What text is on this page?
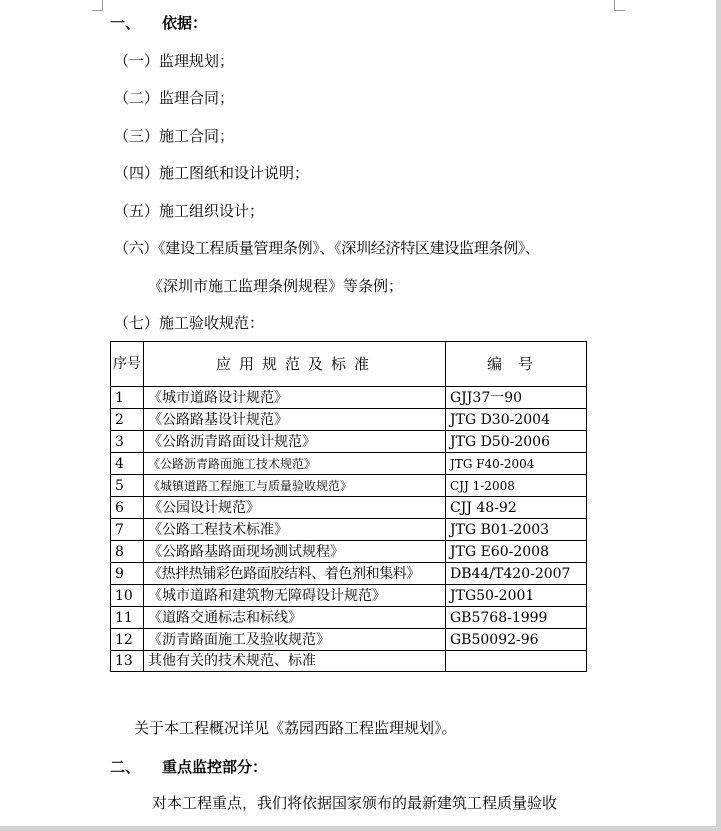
一、 依据：
（一）监理规划；
（二）监理合同；
（三）施工合同；
（四）施工图纸和设计说明；
（五）施工组织设计；
（六）《建设工程质量管理条例》、《深圳经济特区建设监理条例》、
《深圳市施工监理条例规程》等条例；
（七）施工验收规范：
序号	应用规范及标准	编号
1	《城市道路设计规范》	GJJ37一90
2	《公路路基设计规范》	JTG D30-2004
3	《公路沥青路面设计规范》	JTG D50-2006
4	《公路沥青路面施工技术规范》	JTG F40-2004
5	《城镇道路工程施工与质量验收规范》	CJJ 1-2008
6	《公园设计规范》	CJJ 48-92
7	《公路工程技术标准》	JTG B01-2003
8	《公路路基路面现场测试规程》	JTG E60-2008
9	《热拌热铺彩色路面胶结料、着色剂和集料》	DB44/T420-2007
10	《城市道路和建筑物无障碍设计规范》	JTG50-2001
11	《道路交通标志和标线》	GB5768-1999
12	《沥青路面施工及验收规范》	GB50092-96
13	其他有关的技术规范、标准	
关于本工程概况详见《荔园西路工程监理规划》。
二、 重点监控部分：
对本工程重点，我们将依据国家颁布的最新建筑工程质量验收
